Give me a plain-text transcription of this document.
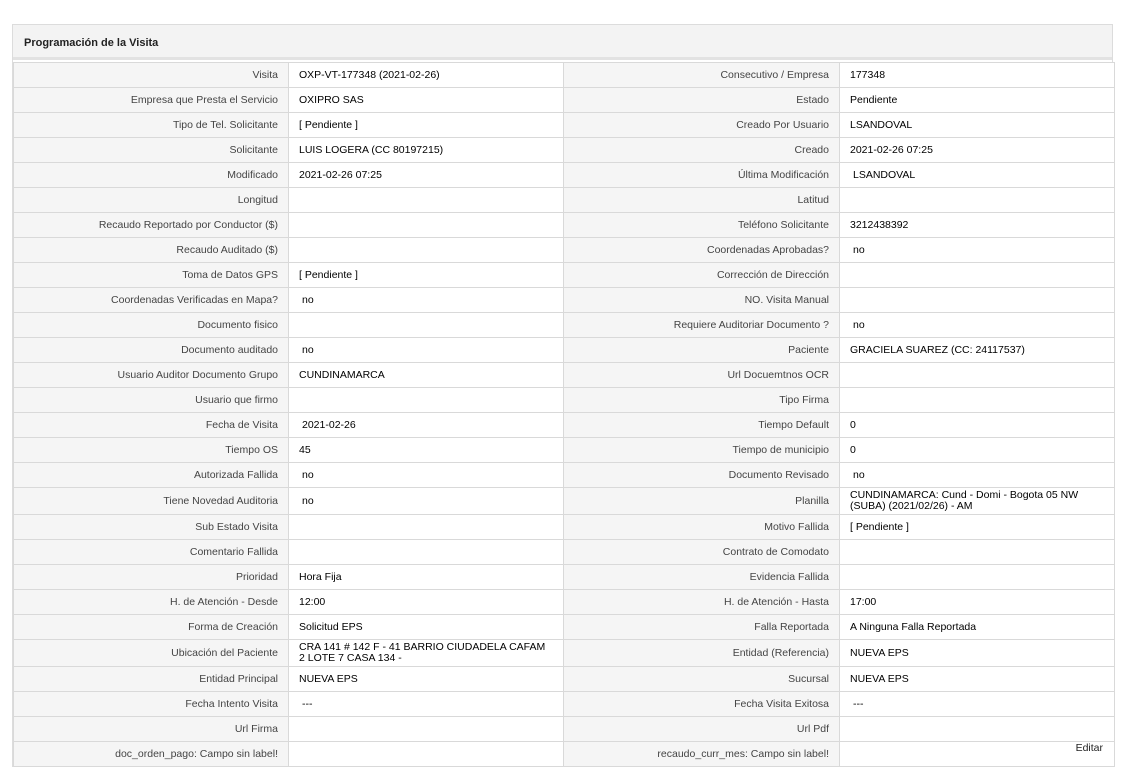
Programación de la Visita
Visita	OXP-VT-177348 (2021-02-26)	Consecutivo / Empresa	177348
Empresa que Presta el Servicio	OXIPRO SAS	Estado	Pendiente
Tipo de Tel. Solicitante	[ Pendiente ]	Creado Por Usuario	LSANDOVAL
Solicitante	LUIS LOGERA (CC 80197215)	Creado	2021-02-26 07:25
Modificado	2021-02-26 07:25	Última Modificación	LSANDOVAL
Longitud		Latitud	
Recaudo Reportado por Conductor ($)		Teléfono Solicitante	3212438392
Recaudo Auditado ($)		Coordenadas Aprobadas?	no
Toma de Datos GPS	[ Pendiente ]	Corrección de Dirección	
Coordenadas Verificadas en Mapa?	no	NO. Visita Manual	
Documento fisico		Requiere Auditoriar Documento ?	no
Documento auditado	no	Paciente	GRACIELA SUAREZ (CC: 24117537)
Usuario Auditor Documento Grupo	CUNDINAMARCA	Url Docuemtnos OCR	
Usuario que firmo		Tipo Firma	
Fecha de Visita	2021-02-26	Tiempo Default	0
Tiempo OS	45	Tiempo de municipio	0
Autorizada Fallida	no	Documento Revisado	no
Tiene Novedad Auditoria	no	Planilla	CUNDINAMARCA: Cund - Domi - Bogota 05 NW (SUBA) (2021/02/26) - AM
Sub Estado Visita		Motivo Fallida	[ Pendiente ]
Comentario Fallida		Contrato de Comodato	
Prioridad	Hora Fija	Evidencia Fallida	
H. de Atención - Desde	12:00	H. de Atención - Hasta	17:00
Forma de Creación	Solicitud EPS	Falla Reportada	A Ninguna Falla Reportada
Ubicación del Paciente	CRA 141 # 142 F - 41 BARRIO CIUDADELA CAFAM 2 LOTE 7 CASA 134 -	Entidad (Referencia)	NUEVA EPS
Entidad Principal	NUEVA EPS	Sucursal	NUEVA EPS
Fecha Intento Visita	---	Fecha Visita Exitosa	---
Url Firma		Url Pdf	
doc_orden_pago: Campo sin label!		recaudo_curr_mes: Campo sin label!		Editar
